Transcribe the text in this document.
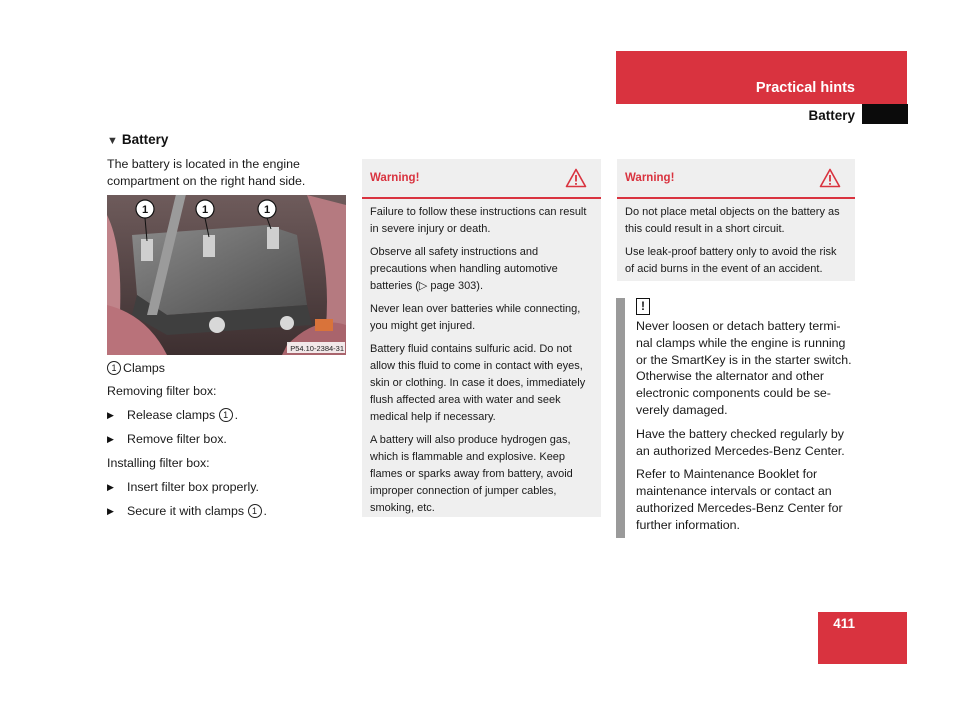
Practical hints
Battery
▼ Battery
The battery is located in the engine compartment on the right hand side.
1	1	1
P54.10-2384-31
1 Clamps
Removing filter box:
▶ Release clamps 1 .
▶ Remove filter box.
Installing filter box:
▶ Insert filter box properly.
▶ Secure it with clamps 1 .
Warning!

Failure to follow these instructions can result in severe injury or death.

Observe all safety instructions and precautions when handling automotive batteries (▷ page 303).

Never lean over batteries while connecting, you might get injured.

Battery fluid contains sulfuric acid. Do not allow this fluid to come in contact with eyes, skin or clothing. In case it does, immediately flush affected area with water and seek medical help if necessary.

A battery will also produce hydrogen gas, which is flammable and explosive. Keep flames or sparks away from battery, avoid improper connection of jumper cables, smoking, etc.

Warning!

Do not place metal objects on the battery as this could result in a short circuit.

Use leak-proof battery only to avoid the risk of acid burns in the event of an accident.

!

Never loosen or detach battery termi-nal clamps while the engine is running or the SmartKey is in the starter switch. Otherwise the alternator and other electronic components could be se-verely damaged.

Have the battery checked regularly by an authorized Mercedes-Benz Center.

Refer to Maintenance Booklet for maintenance intervals or contact an authorized Mercedes-Benz Center for further information.

411
